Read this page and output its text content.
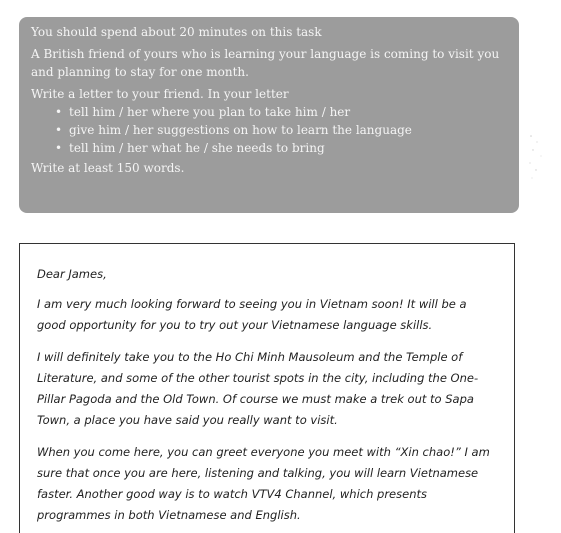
You should spend about 20 minutes on this task

A British friend of yours who is learning your language is coming to visit you and planning to stay for one month.

Write a letter to your friend. In your letter

• tell him / her where you plan to take him / her
• give him / her suggestions on how to learn the language
• tell him / her what he / she needs to bring

Write at least 150 words.

Dear James,

I am very much looking forward to seeing you in Vietnam soon! It will be a good opportunity for you to try out your Vietnamese language skills.

I will definitely take you to the Ho Chi Minh Mausoleum and the Temple of Literature, and some of the other tourist spots in the city, including the One-Pillar Pagoda and the Old Town. Of course we must make a trek out to Sapa Town, a place you have said you really want to visit.

When you come here, you can greet everyone you meet with “Xin chao!” I am sure that once you are here, listening and talking, you will learn Vietnamese faster. Another good way is to watch VTV4 Channel, which presents programmes in both Vietnamese and English.
